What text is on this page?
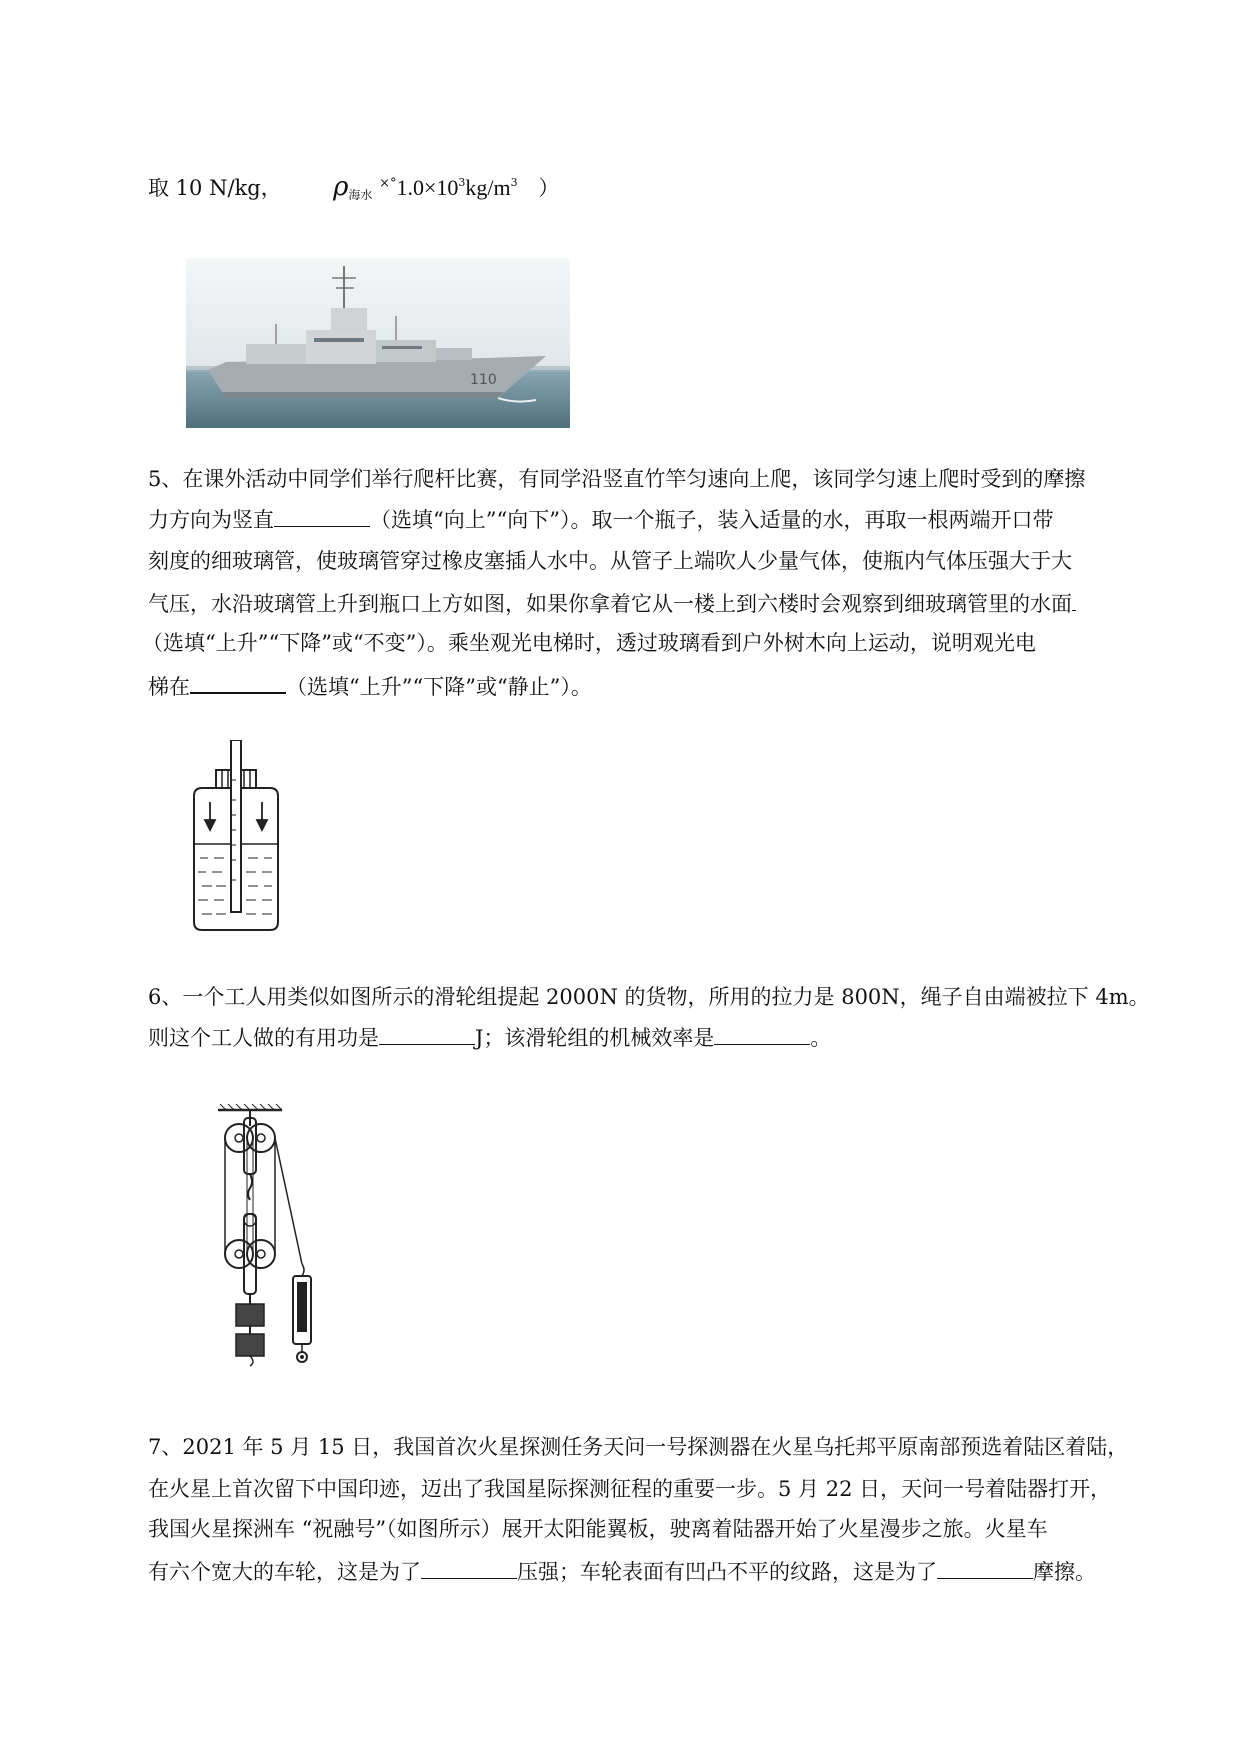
取 10 N/kg， $\rho_{海水}$ $^{\times^\circ}1.0\times 10^3kg/m^3$ ）
110
5、在课外活动中同学们举行爬杆比赛，有同学沿竖直竹竿匀速向上爬，该同学匀速上爬时受到的摩擦
力方向为竖直	（选填“向上”“向下”）。取一个瓶子，装入适量的水，再取一根两端开口带
刻度的细玻璃管，使玻璃管穿过橡皮塞插人水中。从管子上端吹人少量气体，使瓶内气体压强大于大
气压，水沿玻璃管上升到瓶口上方如图，如果你拿着它从一楼上到六楼时会观察到细玻璃管里的水面
（选填“上升”“下降”或“不变”）。乘坐观光电梯时，透过玻璃看到户外树木向上运动，说明观光电
梯在	（选填“上升”“下降”或“静止”）。
6、一个工人用类似如图所示的滑轮组提起 2000N 的货物，所用的拉力是 800N，绳子自由端被拉下 4m。
则这个工人做的有用功是	J；该滑轮组的机械效率是	。
7、2021 年 5 月 15 日，我国首次火星探测任务天问一号探测器在火星乌托邦平原南部预选着陆区着陆，
在火星上首次留下中国印迹，迈出了我国星际探测征程的重要一步。5 月 22 日，天问一号着陆器打开，
我国火星探洲车 “祝融号”（如图所示）展开太阳能翼板，驶离着陆器开始了火星漫步之旅。火星车
有六个宽大的车轮，这是为了	压强；车轮表面有凹凸不平的纹路，这是为了	摩擦。
